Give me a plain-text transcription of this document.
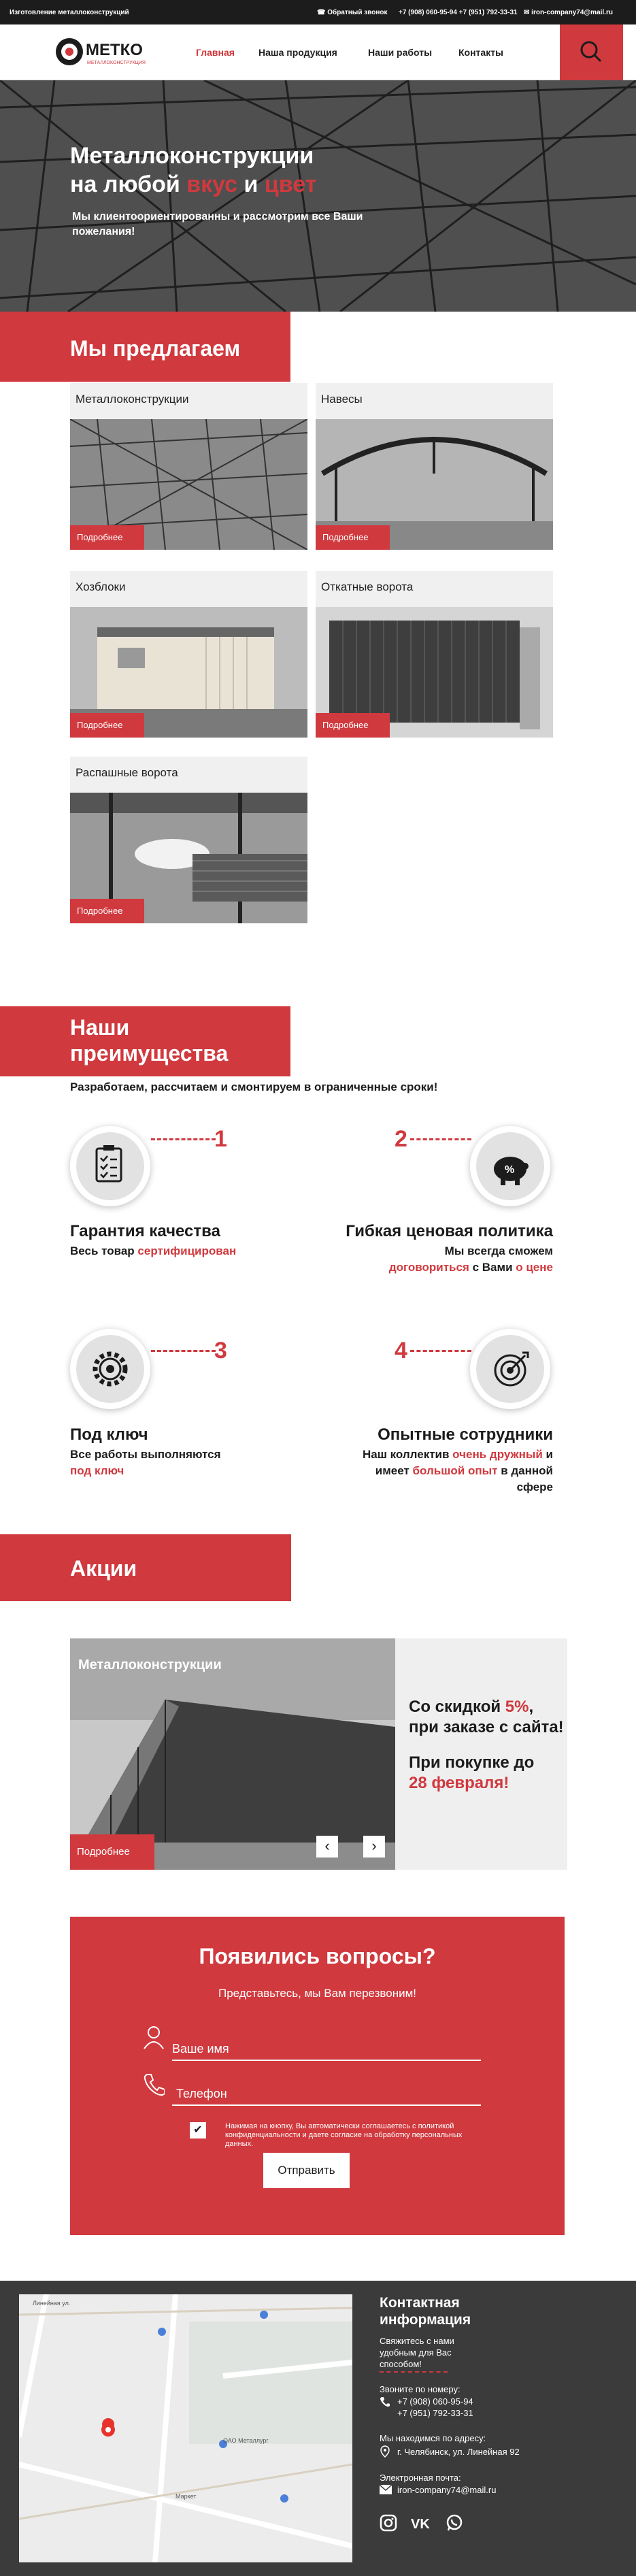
Изготовление металлоконструкций	☎ Обратный звонок +7 (908) 060-95-94 +7 (951) 792-33-31 ✉ iron-company74@mail.ru
МЕТКО
МЕТАЛЛОКОНСТРУКЦИЯ
Главная	Наша продукция	Наши работы	Контакты
Металлоконструкции
на любой вкус и цвет
Мы клиентоориентированны и рассмотрим все Ваши пожелания!
Мы предлагаем
Металлоконструкции
Подробнее
Навесы
Подробнее
Хозблоки
Подробнее
Откатные ворота
Подробнее
Распашные ворота
Подробнее
Наши
преимущества
Разработаем, рассчитаем и смонтируем в ограниченные сроки!
1
Гарантия качества
Весь товар сертифицирован
%
2
Гибкая ценовая политика
Мы всегда сможем
договориться с Вами о цене
3
Под ключ
Все работы выполняются
под ключ
4
Опытные сотрудники
Наш коллектив очень дружный и
имеет большой опыт в данной
сфере
Акции
Металлоконструкции
Подробнее	‹	›
Со скидкой 5%,
при заказе с сайта!
При покупке до
28 февраля!
Появились вопросы?
Представьтесь, мы Вам перезвоним!
Ваше имя
Телефон
✔	Нажимая на кнопку, Вы автоматически соглашаетесь с политикой конфиденциальности и даете согласие на обработку персональных данных.
Отправить
Линейная ул.
ОАО Металлург
Маркет
Контактная информация
Свяжитесь с нами удобным для Вас способом!
Звоните по номеру:
+7 (908) 060-95-94
+7 (951) 792-33-31
Мы находимся по адресу:
г. Челябинск, ул. Линейная 92
Электронная почта:
iron-company74@mail.ru
VK
